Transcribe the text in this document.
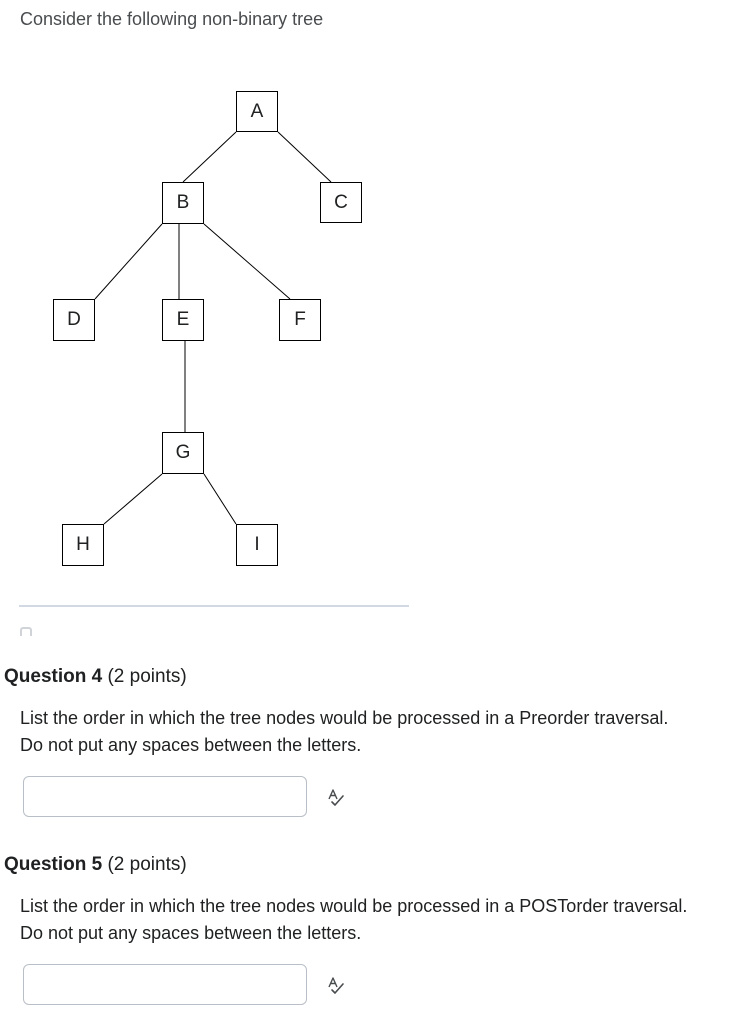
Consider the following non-binary tree
A
B	C
D	E	F
G
H	I
Question 4 (2 points)
List the order in which the tree nodes would be processed in a Preorder traversal.
Do not put any spaces between the letters.
Question 5 (2 points)
List the order in which the tree nodes would be processed in a POSTorder traversal.
Do not put any spaces between the letters.
